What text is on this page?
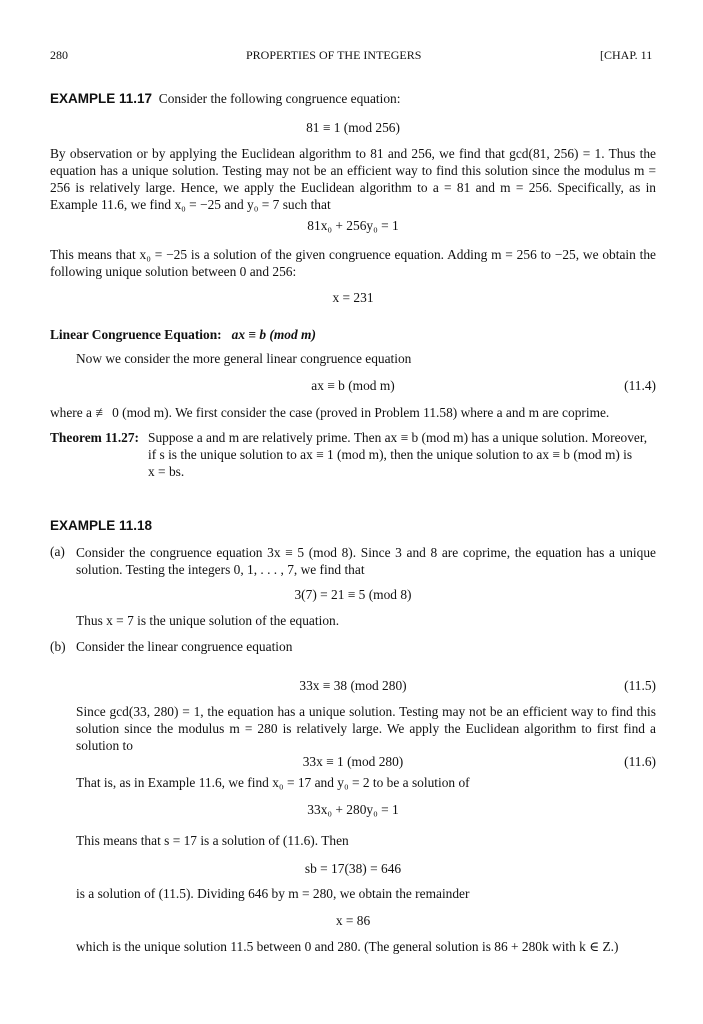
280	PROPERTIES OF THE INTEGERS	[CHAP. 11
EXAMPLE 11.17 Consider the following congruence equation:
81 ≡ 1 (mod 256)
By observation or by applying the Euclidean algorithm to 81 and 256, we find that gcd(81, 256) = 1. Thus the equation has a unique solution. Testing may not be an efficient way to find this solution since the modulus m = 256 is relatively large. Hence, we apply the Euclidean algorithm to a = 81 and m = 256. Specifically, as in Example 11.6, we find x₀ = −25 and y₀ = 7 such that
81x₀ + 256y₀ = 1
This means that x₀ = −25 is a solution of the given congruence equation. Adding m = 256 to −25, we obtain the following unique solution between 0 and 256:
x = 231
Linear Congruence Equation: ax ≡ b (mod m)
Now we consider the more general linear congruence equation
ax ≡ b (mod m)	(11.4)
where a ≢ 0 (mod m). We first consider the case (proved in Problem 11.58) where a and m are coprime.
Theorem 11.27: Suppose a and m are relatively prime. Then ax ≡ b (mod m) has a unique solution. Moreover,
if s is the unique solution to ax ≡ 1 (mod m), then the unique solution to ax ≡ b (mod m) is
x = bs.
EXAMPLE 11.18
(a) Consider the congruence equation 3x ≡ 5 (mod 8). Since 3 and 8 are coprime, the equation has a unique solution. Testing the integers 0, 1, . . . , 7, we find that
3(7) = 21 ≡ 5 (mod 8)
Thus x = 7 is the unique solution of the equation.
(b) Consider the linear congruence equation
33x ≡ 38 (mod 280)	(11.5)
Since gcd(33, 280) = 1, the equation has a unique solution. Testing may not be an efficient way to find this solution since the modulus m = 280 is relatively large. We apply the Euclidean algorithm to first find a solution to
33x ≡ 1 (mod 280)	(11.6)
That is, as in Example 11.6, we find x₀ = 17 and y₀ = 2 to be a solution of
33x₀ + 280y₀ = 1
This means that s = 17 is a solution of (11.6). Then
sb = 17(38) = 646
is a solution of (11.5). Dividing 646 by m = 280, we obtain the remainder
x = 86
which is the unique solution 11.5 between 0 and 280. (The general solution is 86 + 280k with k ∈ Z.)
